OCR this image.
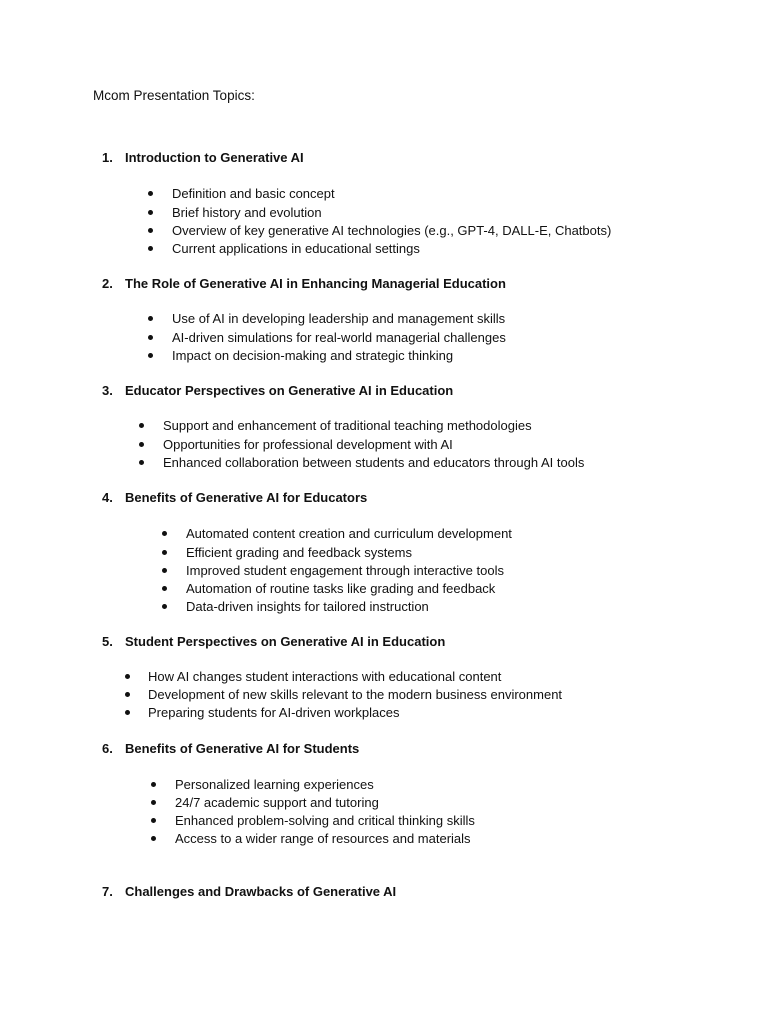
Mcom Presentation Topics:
1. Introduction to Generative AI
Definition and basic concept
Brief history and evolution
Overview of key generative AI technologies (e.g., GPT-4, DALL-E, Chatbots)
Current applications in educational settings
2. The Role of Generative AI in Enhancing Managerial Education
Use of AI in developing leadership and management skills
AI-driven simulations for real-world managerial challenges
Impact on decision-making and strategic thinking
3. Educator Perspectives on Generative AI in Education
Support and enhancement of traditional teaching methodologies
Opportunities for professional development with AI
Enhanced collaboration between students and educators through AI tools
4. Benefits of Generative AI for Educators
Automated content creation and curriculum development
Efficient grading and feedback systems
Improved student engagement through interactive tools
Automation of routine tasks like grading and feedback
Data-driven insights for tailored instruction
5. Student Perspectives on Generative AI in Education
How AI changes student interactions with educational content
Development of new skills relevant to the modern business environment
Preparing students for AI-driven workplaces
6. Benefits of Generative AI for Students
Personalized learning experiences
24/7 academic support and tutoring
Enhanced problem-solving and critical thinking skills
Access to a wider range of resources and materials
7. Challenges and Drawbacks of Generative AI
